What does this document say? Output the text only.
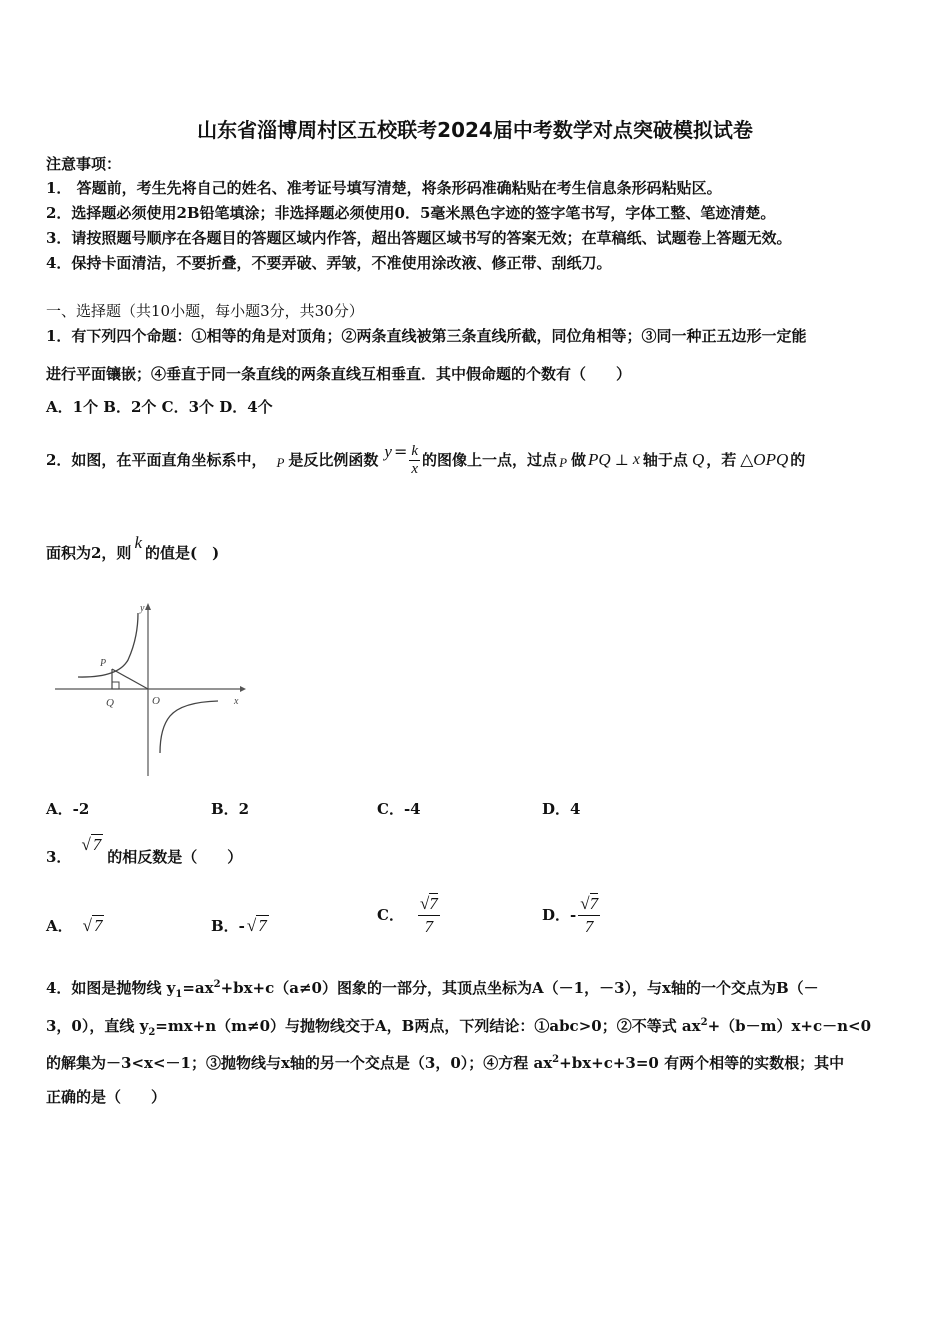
山东省淄博周村区五校联考2024届中考数学对点突破模拟试卷
注意事项：
1． 答题前，考生先将自己的姓名、准考证号填写清楚，将条形码准确粘贴在考生信息条形码粘贴区。
2．选择题必须使用2B铅笔填涂；非选择题必须使用0．5毫米黑色字迹的签字笔书写，字体工整、笔迹清楚。
3．请按照题号顺序在各题目的答题区域内作答，超出答题区域书写的答案无效；在草稿纸、试题卷上答题无效。
4．保持卡面清洁，不要折叠，不要弄破、弄皱，不准使用涂改液、修正带、刮纸刀。
一、选择题（共10小题，每小题3分，共30分）
1．有下列四个命题：①相等的角是对顶角；②两条直线被第三条直线所截，同位角相等；③同一种正五边形一定能
进行平面镶嵌；④垂直于同一条直线的两条直线互相垂直．其中假命题的个数有（　　）
A．1个 B．2个 C．3个 D．4个
2．如图，在平面直角坐标系中， P 是反比例函数 $y = \frac{k}{x}$ 的图像上一点，过点 P 做 PQ ⊥ x 轴于点 Q ，若 △OPQ 的
面积为2，则
k
的值是(　)
y
x
O
P
Q
A．-2	B．2	C．-4	D．4
3．
√ 7
的相反数是（　　）
A． √ 7	B．- √ 7
C． $\frac{√7}{7}$	D．- $\frac{√7}{7}$
4．如图是抛物线 $y_1=ax^2+bx+c(a\ne 0)$图象的一部分，其顶点坐标为A（－1，－3），与x轴的一个交点为B（－
3，0），直线 $y_2=mx+n(m\ne 0)$与抛物线交于A，B两点，下列结论：①abc>0；②不等式 $ax^2+(b-m)x+c-n<0$
的解集为－3<x<－1；③抛物线与x轴的另一个交点是（3，0）；④方程 $ax^2+bx+c+3=0$ 有两个相等的实数根；其中
正确的是（　　）
